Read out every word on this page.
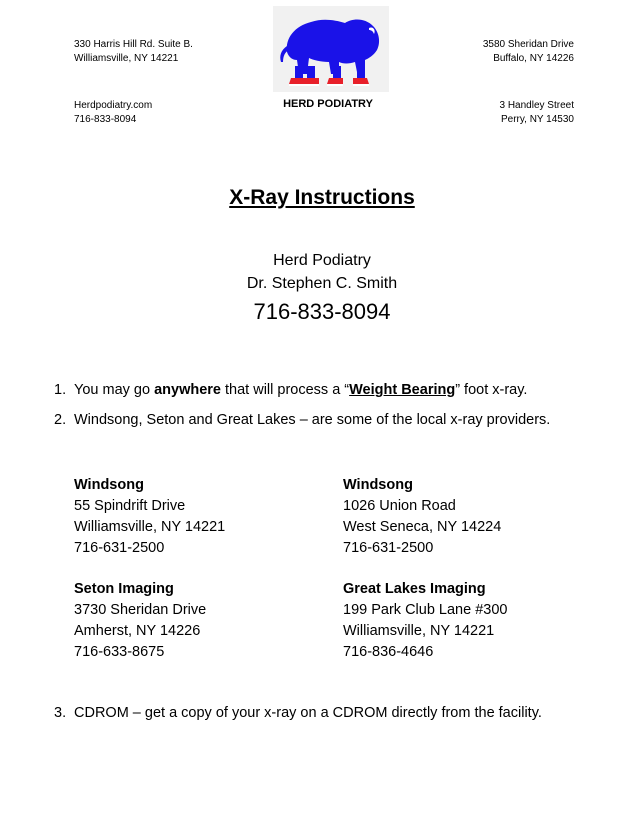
330 Harris Hill Rd. Suite B.
Williamsville, NY 14221
Herdpodiatry.com
716-833-8094
3580 Sheridan Drive
Buffalo, NY 14226
3 Handley Street
Perry, NY 14530
HERD PODIATRY
X-Ray Instructions
Herd Podiatry
Dr. Stephen C. Smith
716-833-8094
1. You may go anywhere that will process a “Weight Bearing” foot x-ray.
2. Windsong, Seton and Great Lakes – are some of the local x-ray providers.
Windsong
55 Spindrift Drive
Williamsville, NY 14221
716-631-2500
Windsong
1026 Union Road
West Seneca, NY 14224
716-631-2500
Seton Imaging
3730 Sheridan Drive
Amherst, NY 14226
716-633-8675
Great Lakes Imaging
199 Park Club Lane #300
Williamsville, NY 14221
716-836-4646
3. CDROM – get a copy of your x-ray on a CDROM directly from the facility.
